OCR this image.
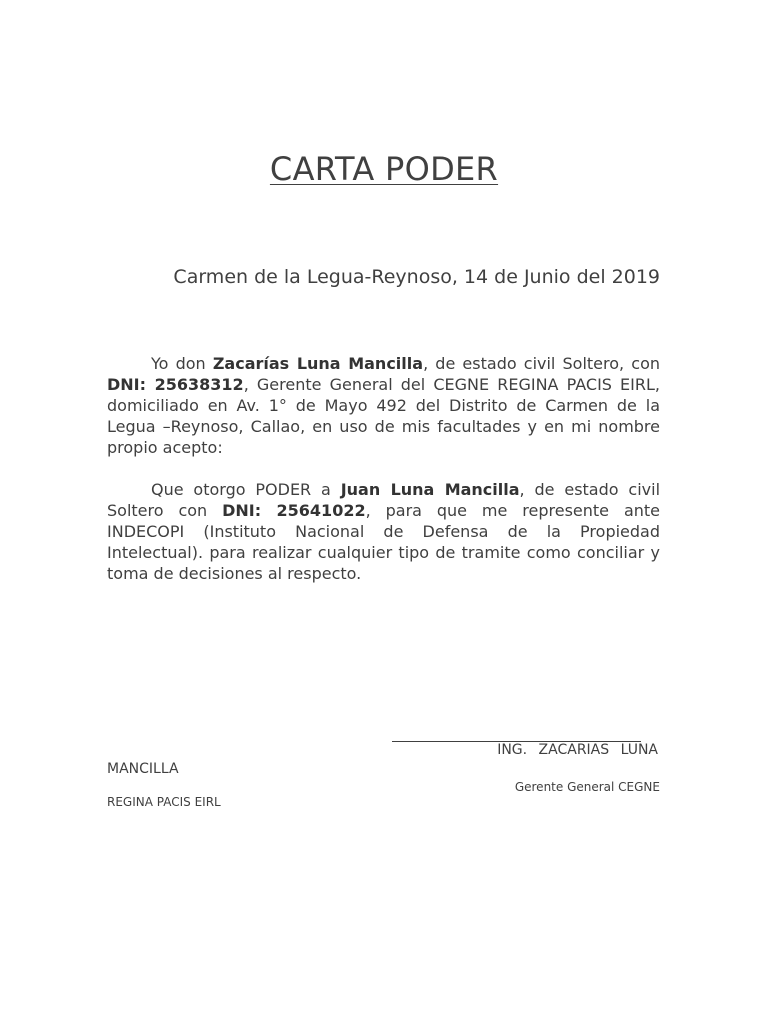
CARTA PODER
Carmen de la Legua-Reynoso, 14 de Junio del 2019
Yo don Zacarías Luna Mancilla, de estado civil Soltero, con DNI: 25638312, Gerente General del CEGNE REGINA PACIS EIRL, domiciliado en Av. 1° de Mayo 492 del Distrito de Carmen de la Legua –Reynoso, Callao, en uso de mis facultades y en mi nombre propio acepto:
Que otorgo PODER a Juan Luna Mancilla, de estado civil Soltero con DNI: 25641022, para que me represente ante INDECOPI (Instituto Nacional de Defensa de la Propiedad Intelectual). para realizar cualquier tipo de tramite como conciliar y toma de decisiones al respecto.
ING. ZACARIAS LUNA
MANCILLA
Gerente General CEGNE
REGINA PACIS EIRL
